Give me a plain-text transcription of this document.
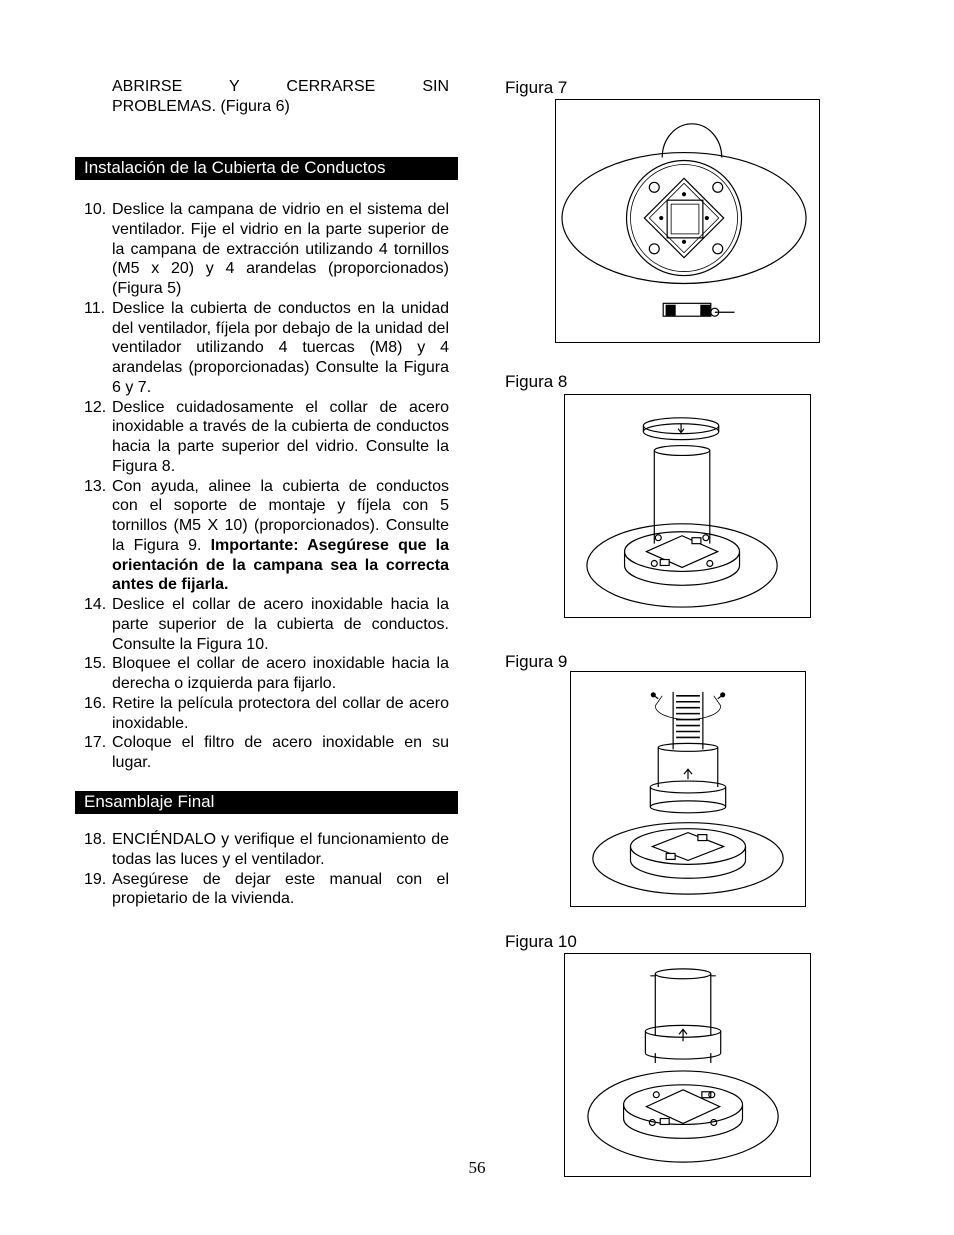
ABRIRSE Y CERRARSE SIN
PROBLEMAS. (Figura 6)
Instalación de la Cubierta de Conductos
10. Deslice la campana de vidrio en el sistema del ventilador. Fije el vidrio en la parte superior de la campana de extracción utilizando 4 tornillos (M5 x 20) y 4 arandelas (proporcionados) (Figura 5)
11. Deslice la cubierta de conductos en la unidad del ventilador, fíjela por debajo de la unidad del ventilador utilizando 4 tuercas (M8) y 4 arandelas (proporcionadas) Consulte la Figura 6 y 7.
12. Deslice cuidadosamente el collar de acero inoxidable a través de la cubierta de conductos hacia la parte superior del vidrio. Consulte la Figura 8.
13. Con ayuda, alinee la cubierta de conductos con el soporte de montaje y fíjela con 5 tornillos (M5 X 10) (proporcionados). Consulte la Figura 9. Importante: Asegúrese que la orientación de la campana sea la correcta antes de fijarla.
14. Deslice el collar de acero inoxidable hacia la parte superior de la cubierta de conductos. Consulte la Figura 10.
15. Bloquee el collar de acero inoxidable hacia la derecha o izquierda para fijarlo.
16. Retire la película protectora del collar de acero inoxidable.
17. Coloque el filtro de acero inoxidable en su lugar.
Ensamblaje Final
18. ENCIÉNDALO y verifique el funcionamiento de todas las luces y el ventilador.
19. Asegúrese de dejar este manual con el propietario de la vivienda.
Figura 7
Figura 8
Figura 9
Figura 10
56
